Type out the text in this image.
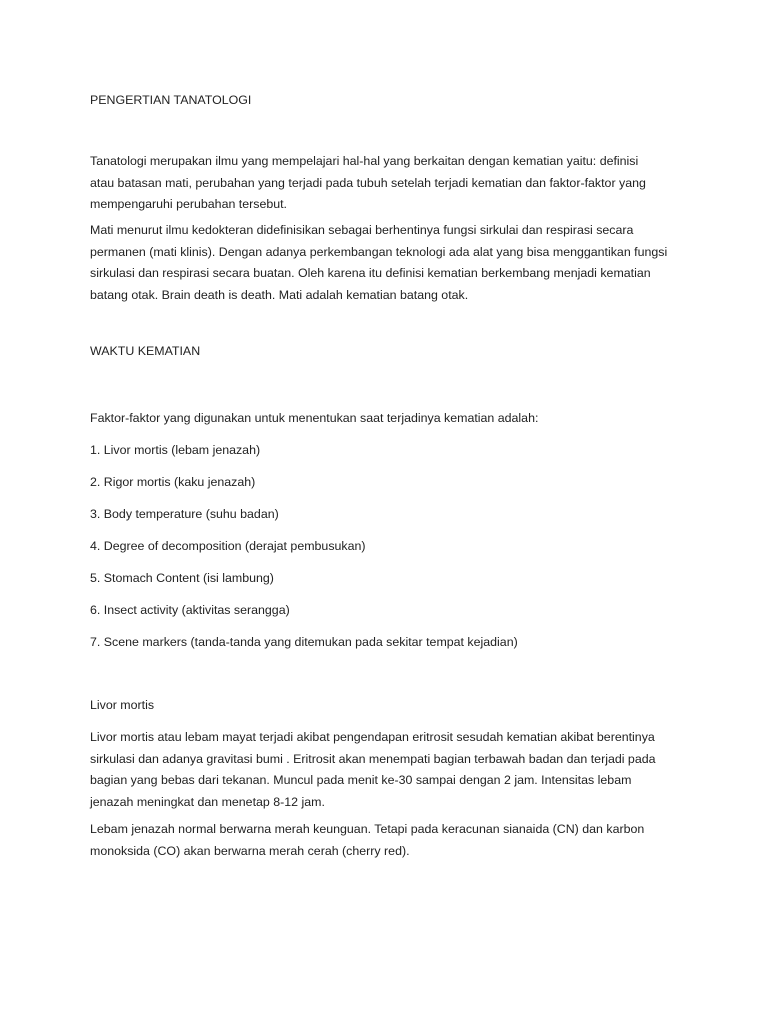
PENGERTIAN TANATOLOGI
Tanatologi merupakan ilmu yang mempelajari hal-hal yang berkaitan dengan kematian yaitu: definisi
atau batasan mati, perubahan yang terjadi pada tubuh setelah terjadi kematian dan faktor-faktor yang
mempengaruhi perubahan tersebut.
Mati menurut ilmu kedokteran didefinisikan sebagai berhentinya fungsi sirkulai dan respirasi secara
permanen (mati klinis). Dengan adanya perkembangan teknologi ada alat yang bisa menggantikan fungsi
sirkulasi dan respirasi secara buatan. Oleh karena itu definisi kematian berkembang menjadi kematian
batang otak. Brain death is death. Mati adalah kematian batang otak.
WAKTU KEMATIAN
Faktor-faktor yang digunakan untuk menentukan saat terjadinya kematian adalah:
1. Livor mortis (lebam jenazah)
2. Rigor mortis (kaku jenazah)
3. Body temperature (suhu badan)
4. Degree of decomposition (derajat pembusukan)
5. Stomach Content (isi lambung)
6. Insect activity (aktivitas serangga)
7. Scene markers (tanda-tanda yang ditemukan pada sekitar tempat kejadian)
Livor mortis
Livor mortis atau lebam mayat terjadi akibat pengendapan eritrosit sesudah kematian akibat berentinya
sirkulasi dan adanya gravitasi bumi . Eritrosit akan menempati bagian terbawah badan dan terjadi pada
bagian yang bebas dari tekanan. Muncul pada menit ke-30 sampai dengan 2 jam. Intensitas lebam
jenazah meningkat dan menetap 8-12 jam.
Lebam jenazah normal berwarna merah keunguan. Tetapi pada keracunan sianaida (CN) dan karbon
monoksida (CO) akan berwarna merah cerah (cherry red).
